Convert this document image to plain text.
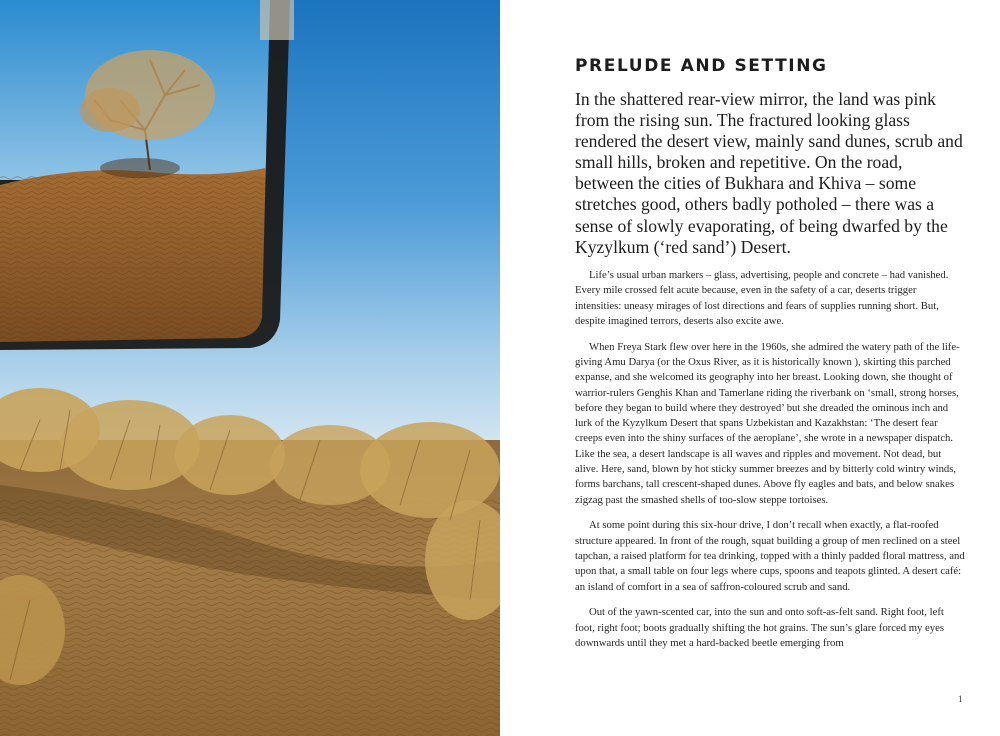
PRELUDE AND SETTING

In the shattered rear-view mirror, the land was pink from the rising sun. The fractured looking glass rendered the desert view, mainly sand dunes, scrub and small hills, broken and repetitive. On the road, between the cities of Bukhara and Khiva – some stretches good, others badly potholed – there was a sense of slowly evaporating, of being dwarfed by the Kyzylkum (‘red sand’) Desert.

Life’s usual urban markers – glass, advertising, people and concrete – had vanished. Every mile crossed felt acute because, even in the safety of a car, deserts trigger intensities: uneasy mirages of lost directions and fears of supplies running short. But, despite imagined terrors, deserts also excite awe.

When Freya Stark flew over here in the 1960s, she admired the watery path of the life-giving Amu Darya (or the Oxus River, as it is historically known ), skirting this parched expanse, and she welcomed its geography into her breast. Looking down, she thought of warrior-rulers Genghis Khan and Tamerlane riding the riverbank on ‘small, strong horses, before they began to build where they destroyed’ but she dreaded the ominous inch and lurk of the Kyzylkum Desert that spans Uzbekistan and Kazakhstan: ‘The desert fear creeps even into the shiny surfaces of the aeroplane’, she wrote in a newspaper dispatch. Like the sea, a desert landscape is all waves and ripples and movement. Not dead, but alive. Here, sand, blown by hot sticky summer breezes and by bitterly cold wintry winds, forms barchans, tall crescent-shaped dunes. Above fly eagles and bats, and below snakes zigzag past the smashed shells of too-slow steppe tortoises.

At some point during this six-hour drive, I don’t recall when exactly, a flat-roofed structure appeared. In front of the rough, squat building a group of men reclined on a steel tapchan, a raised platform for tea drinking, topped with a thinly padded floral mattress, and upon that, a small table on four legs where cups, spoons and teapots glinted. A desert café: an island of comfort in a sea of saffron-coloured scrub and sand.

Out of the yawn-scented car, into the sun and onto soft-as-felt sand. Right foot, left foot, right foot; boots gradually shifting the hot grains. The sun’s glare forced my eyes downwards until they met a hard-backed beetle emerging from

1
